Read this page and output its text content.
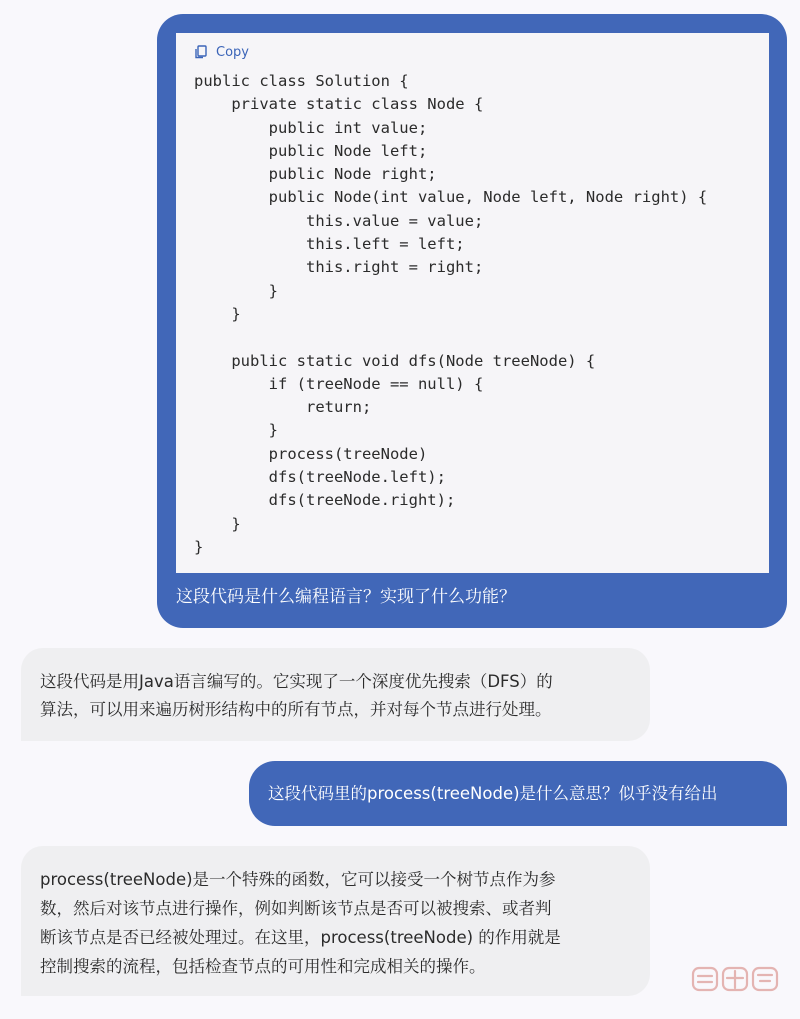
Copy
public class Solution {
private static class Node {
public int value;
public Node left;
public Node right;
public Node(int value, Node left, Node right) {
this.value = value;
this.left = left;
this.right = right;
}
}

public static void dfs(Node treeNode) {
if (treeNode == null) {
return;
}
process(treeNode)
dfs(treeNode.left);
dfs(treeNode.right);
}
}
这段代码是什么编程语言？实现了什么功能？

这段代码是用Java语言编写的。它实现了一个深度优先搜索（DFS）的
算法，可以用来遍历树形结构中的所有节点，并对每个节点进行处理。

这段代码里的process(treeNode)是什么意思？似乎没有给出

process(treeNode)是一个特殊的函数，它可以接受一个树节点作为参
数，然后对该节点进行操作，例如判断该节点是否可以被搜索、或者判
断该节点是否已经被处理过。在这里，process(treeNode) 的作用就是
控制搜索的流程，包括检查节点的可用性和完成相关的操作。
